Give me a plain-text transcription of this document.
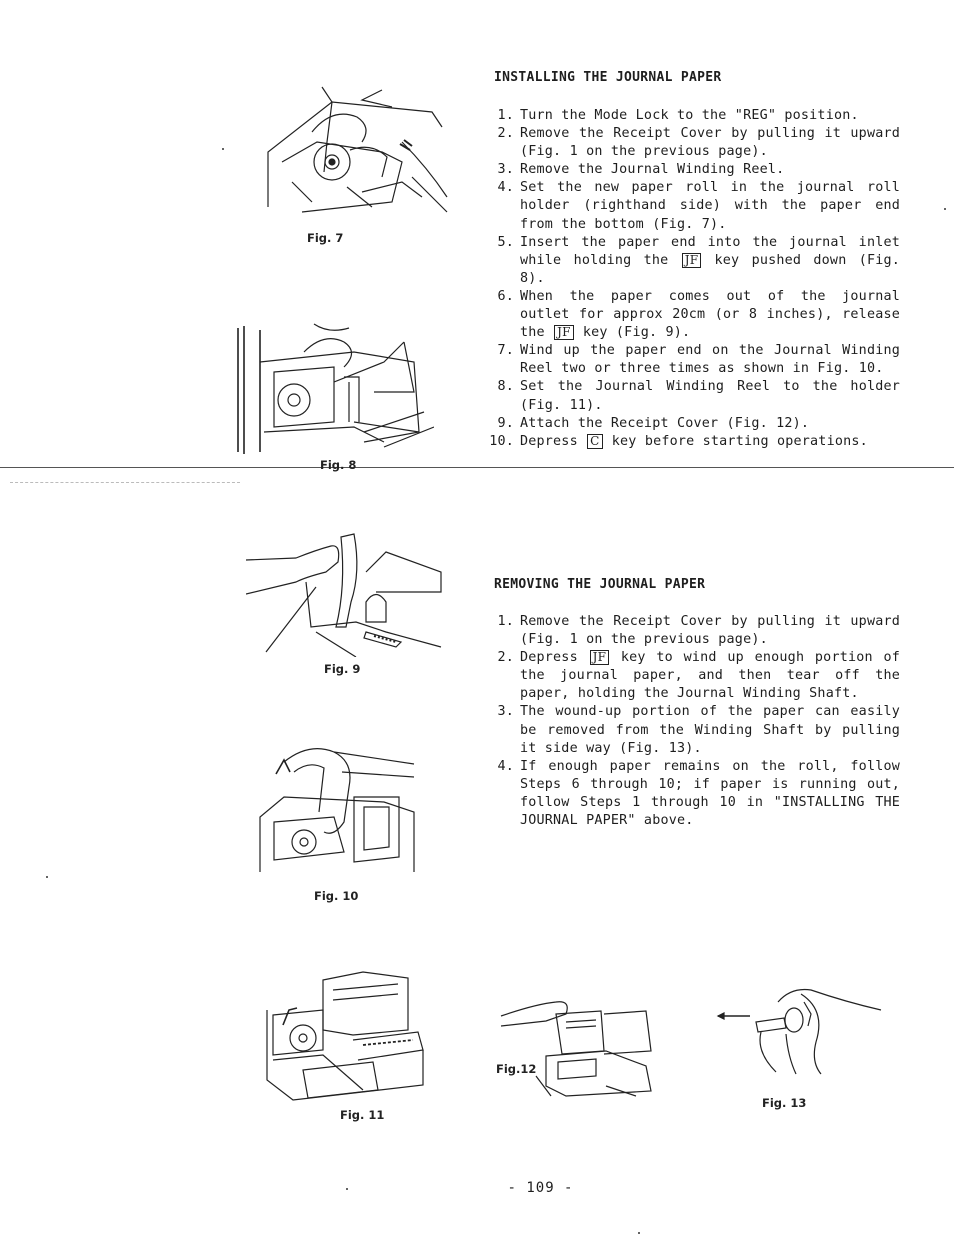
INSTALLING THE JOURNAL PAPER
1. Turn the Mode Lock to the "REG" position.
2. Remove the Receipt Cover by pulling it upward (Fig. 1 on the previous page).
3. Remove the Journal Winding Reel.
4. Set the new paper roll in the journal roll holder (righthand side) with the paper end from the bottom (Fig. 7).
5. Insert the paper end into the journal inlet while holding the JF key pushed down (Fig. 8).
6. When the paper comes out of the journal outlet for approx 20cm (or 8 inches), release the JF key (Fig. 9).
7. Wind up the paper end on the Journal Winding Reel two or three times as shown in Fig. 10.
8. Set the Journal Winding Reel to the holder (Fig. 11).
9. Attach the Receipt Cover (Fig. 12).
10. Depress C key before starting operations.
REMOVING THE JOURNAL PAPER
1. Remove the Receipt Cover by pulling it upward (Fig. 1 on the previous page).
2. Depress JF key to wind up enough portion of the journal paper, and then tear off the paper, holding the Journal Winding Shaft.
3. The wound-up portion of the paper can easily be removed from the Winding Shaft by pulling it side way (Fig. 13).
4. If enough paper remains on the roll, follow Steps 6 through 10; if paper is running out, follow Steps 1 through 10 in "INSTALLING THE JOURNAL PAPER" above.
Fig. 7
Fig. 8
Fig. 9
Fig. 10
Fig. 11
Fig.12
Fig. 13
- 109 -
